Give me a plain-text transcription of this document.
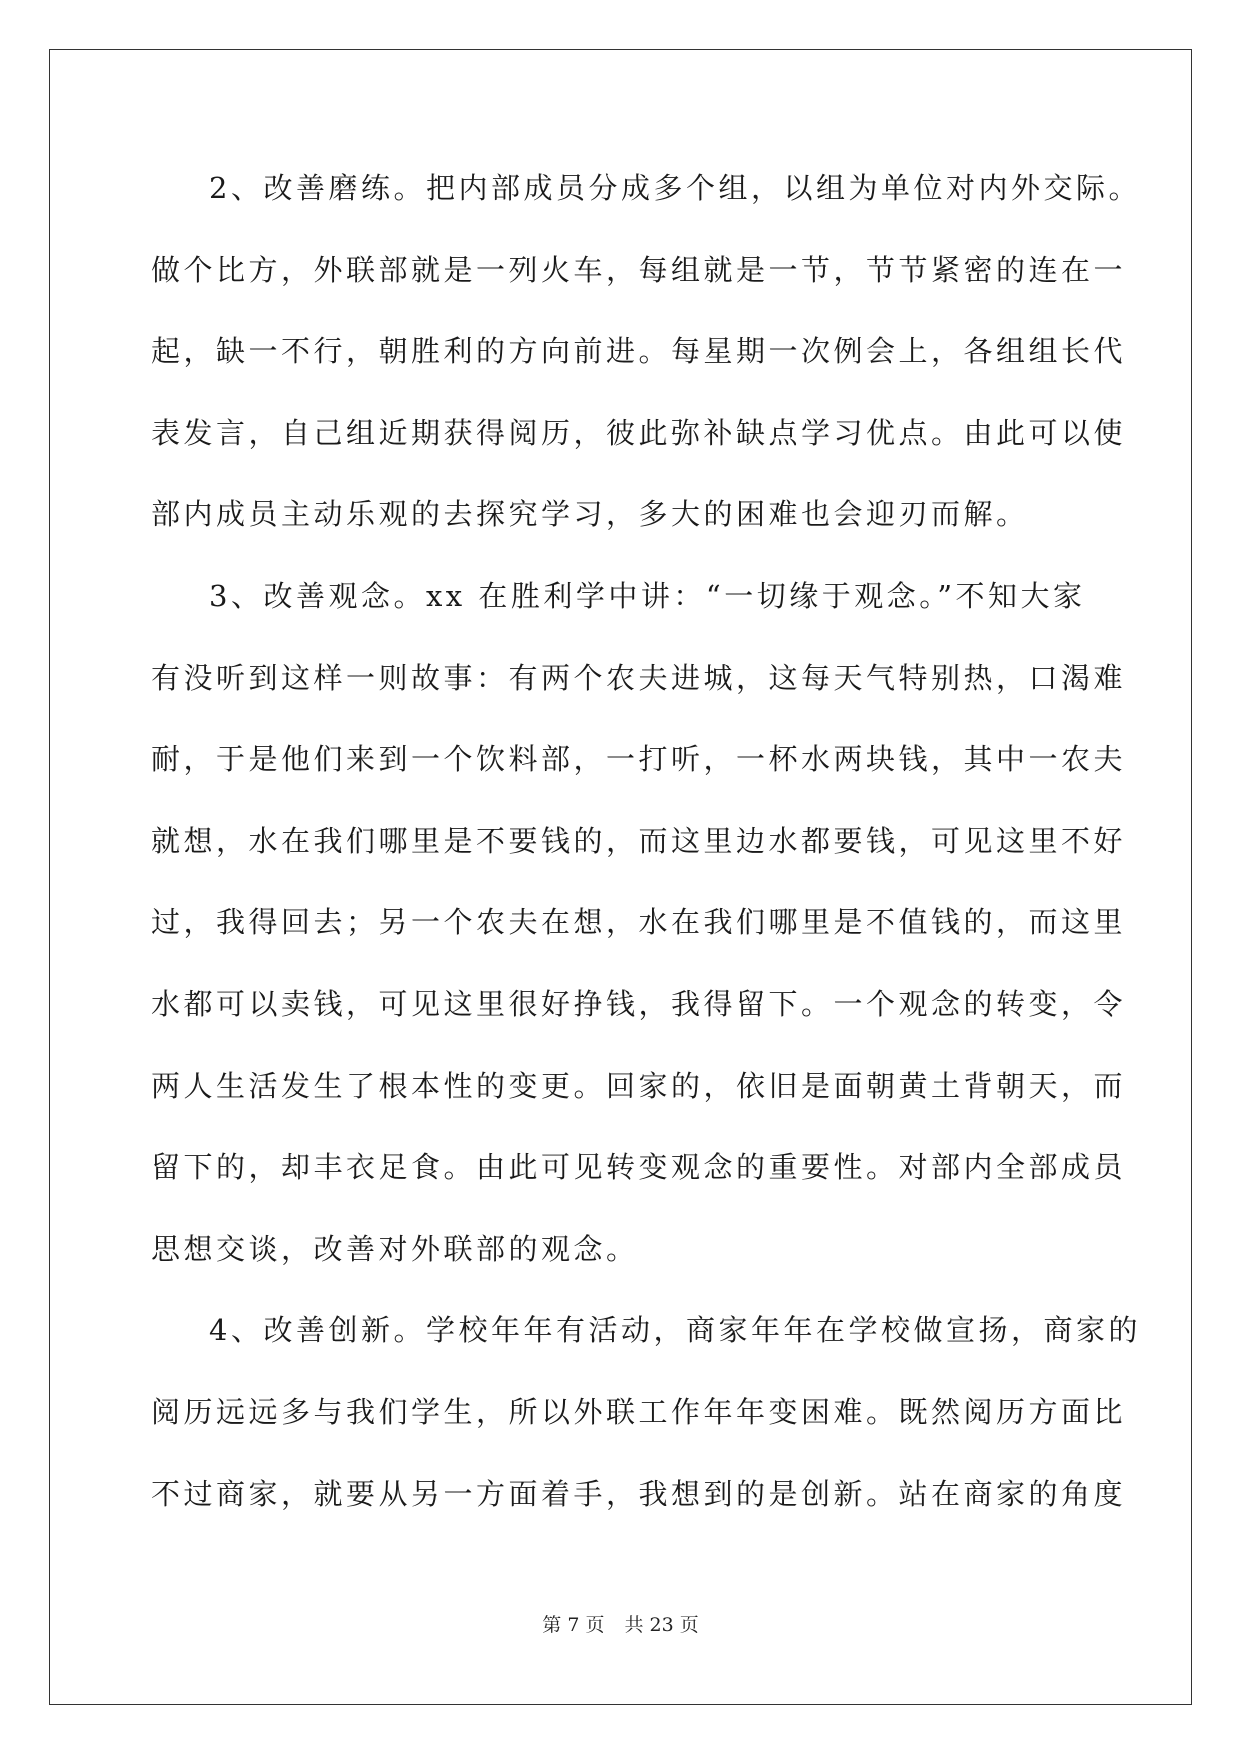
2、改善磨练。把内部成员分成多个组，以组为单位对内外交际。
做个比方，外联部就是一列火车，每组就是一节，节节紧密的连在一
起，缺一不行，朝胜利的方向前进。每星期一次例会上，各组组长代
表发言，自己组近期获得阅历，彼此弥补缺点学习优点。由此可以使
部内成员主动乐观的去探究学习，多大的困难也会迎刃而解。
3、改善观念。xx 在胜利学中讲：“一切缘于观念。”不知大家
有没听到这样一则故事：有两个农夫进城，这每天气特别热，口渴难
耐，于是他们来到一个饮料部，一打听，一杯水两块钱，其中一农夫
就想，水在我们哪里是不要钱的，而这里边水都要钱，可见这里不好
过，我得回去；另一个农夫在想，水在我们哪里是不值钱的，而这里
水都可以卖钱，可见这里很好挣钱，我得留下。一个观念的转变，令
两人生活发生了根本性的变更。回家的，依旧是面朝黄土背朝天，而
留下的，却丰衣足食。由此可见转变观念的重要性。对部内全部成员
思想交谈，改善对外联部的观念。
4、改善创新。学校年年有活动，商家年年在学校做宣扬，商家的
阅历远远多与我们学生，所以外联工作年年变困难。既然阅历方面比
不过商家，就要从另一方面着手，我想到的是创新。站在商家的角度
第 7 页 共 23 页
